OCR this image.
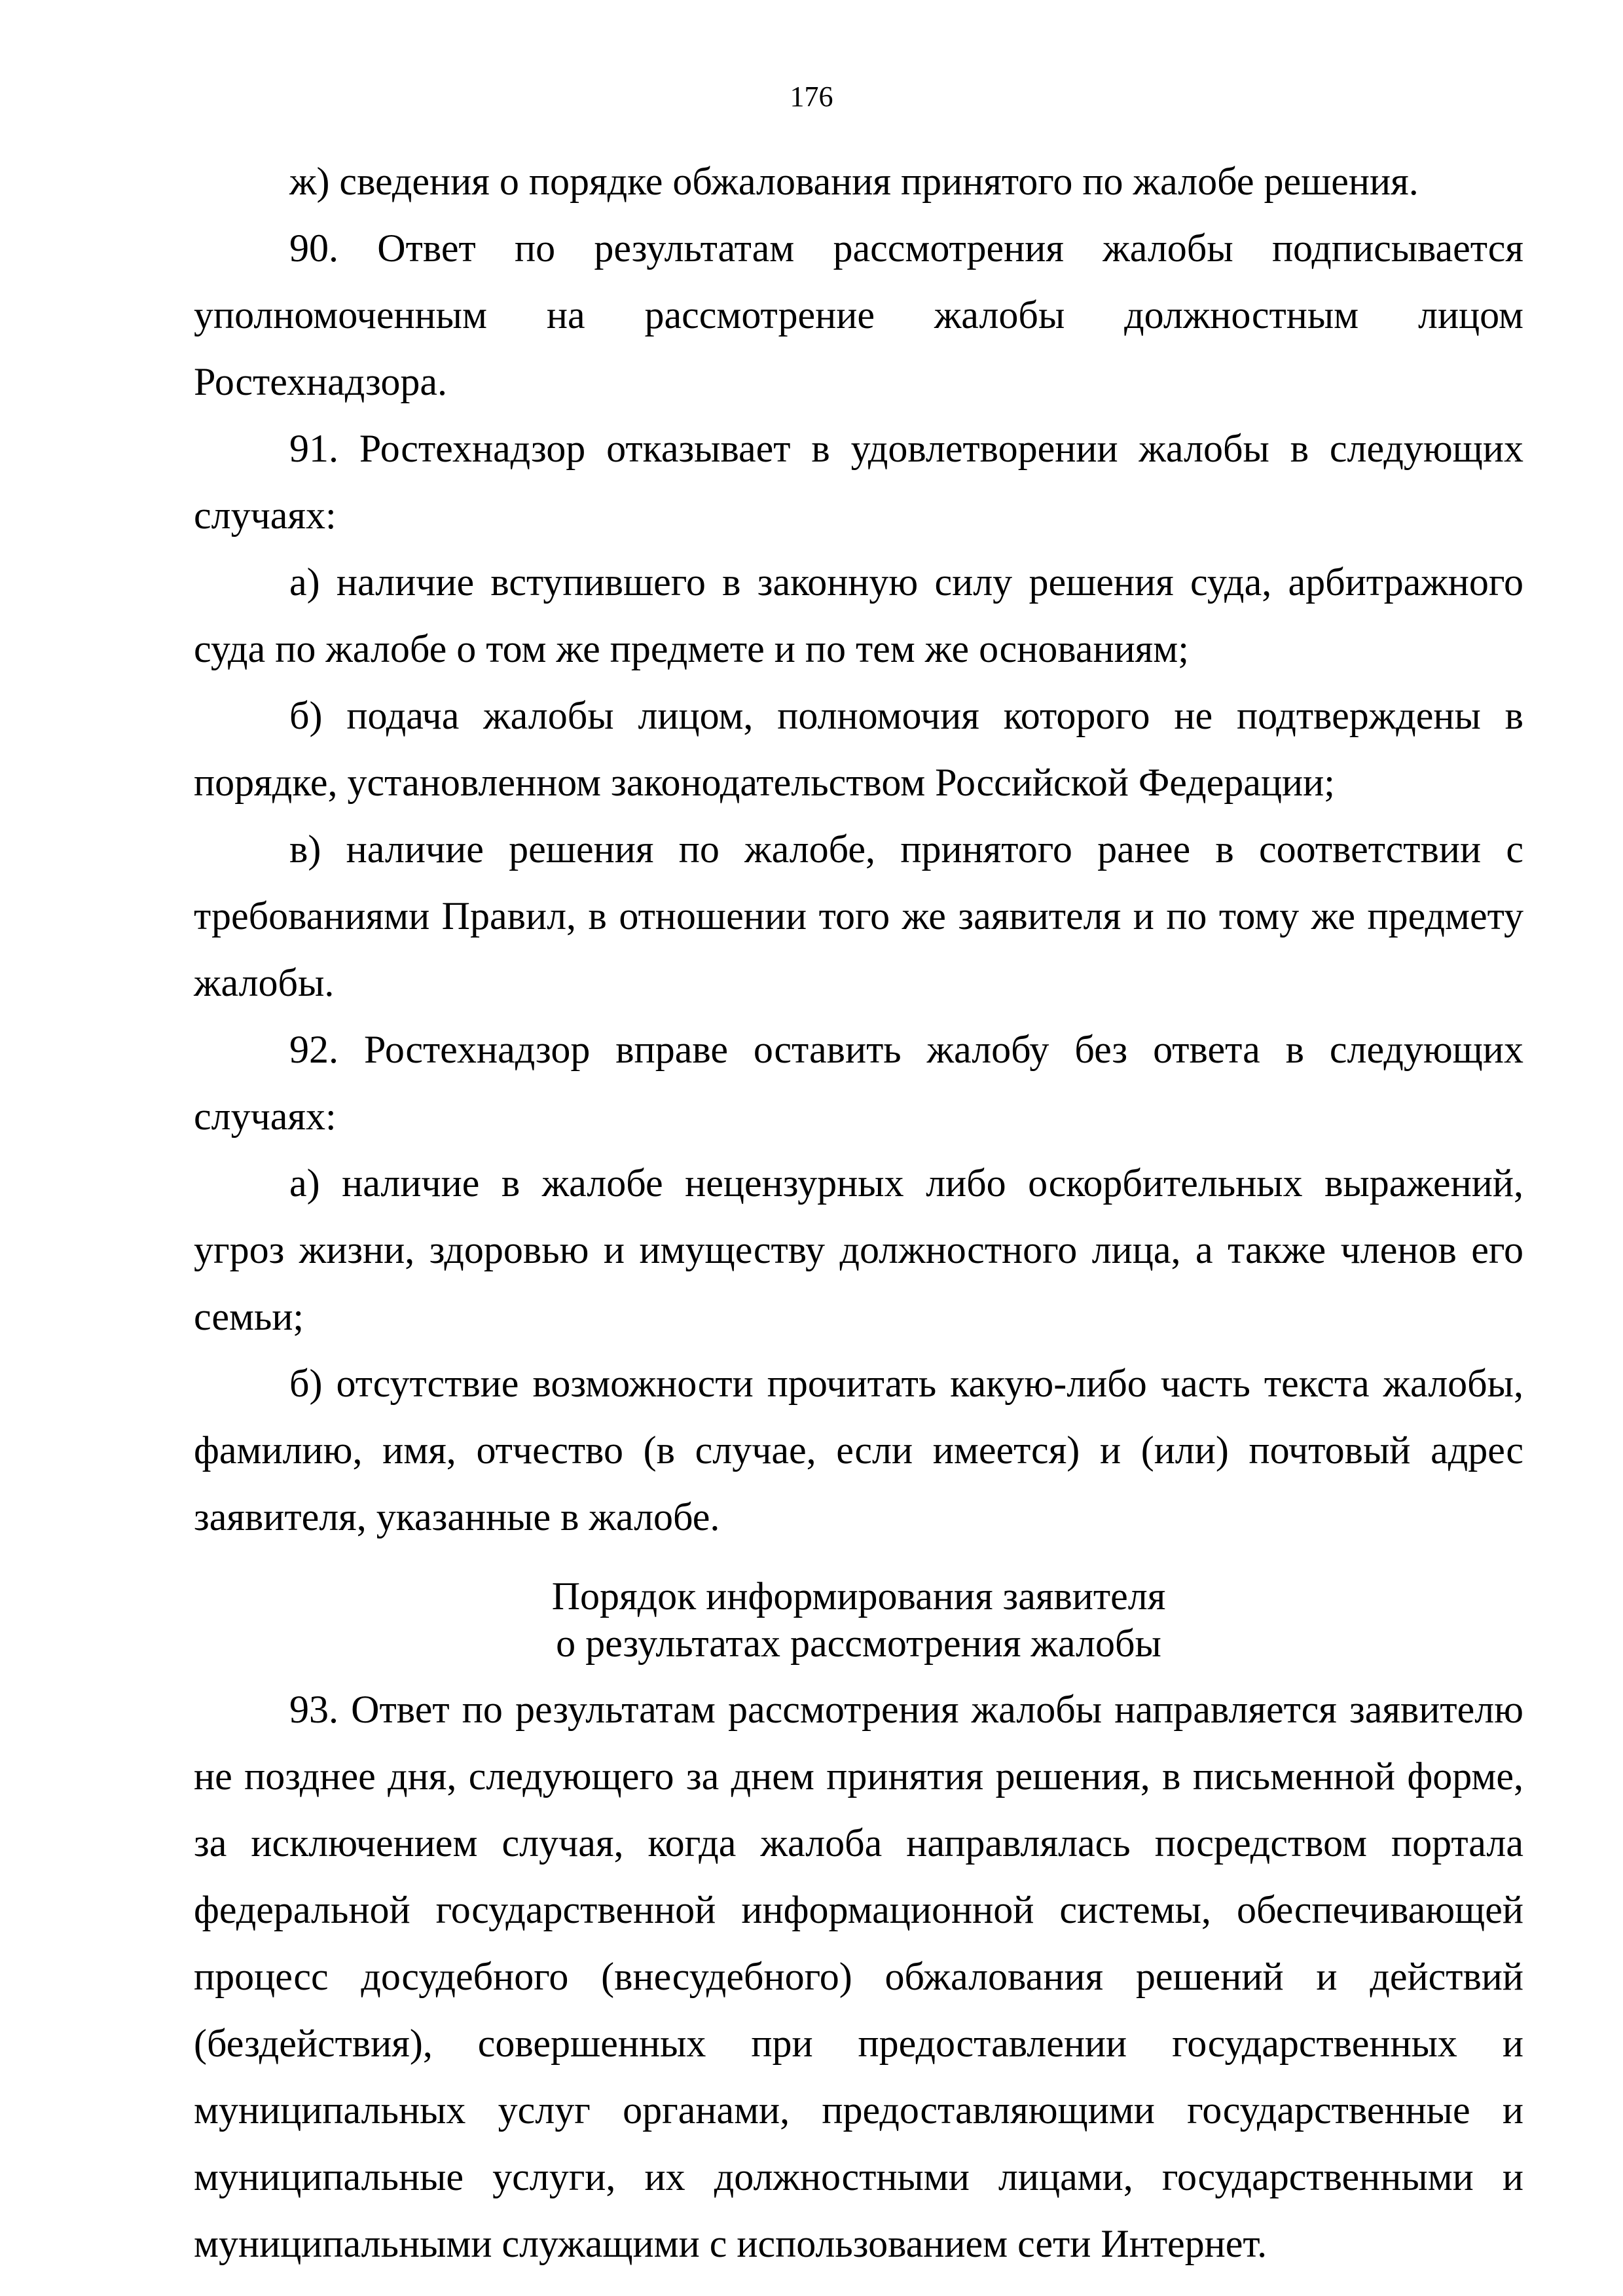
176

ж) сведения о порядке обжалования принятого по жалобе решения.

90. Ответ по результатам рассмотрения жалобы подписывается уполномоченным на рассмотрение жалобы должностным лицом Ростехнадзора.

91. Ростехнадзор отказывает в удовлетворении жалобы в следующих случаях:

а) наличие вступившего в законную силу решения суда, арбитражного суда по жалобе о том же предмете и по тем же основаниям;

б) подача жалобы лицом, полномочия которого не подтверждены в порядке, установленном законодательством Российской Федерации;

в) наличие решения по жалобе, принятого ранее в соответствии с требованиями Правил, в отношении того же заявителя и по тому же предмету жалобы.

92. Ростехнадзор вправе оставить жалобу без ответа в следующих случаях:

а) наличие в жалобе нецензурных либо оскорбительных выражений, угроз жизни, здоровью и имуществу должностного лица, а также членов его семьи;

б) отсутствие возможности прочитать какую-либо часть текста жалобы, фамилию, имя, отчество (в случае, если имеется) и (или) почтовый адрес заявителя, указанные в жалобе.

Порядок информирования заявителя
о результатах рассмотрения жалобы

93. Ответ по результатам рассмотрения жалобы направляется заявителю не позднее дня, следующего за днем принятия решения, в письменной форме, за исключением случая, когда жалоба направлялась посредством портала федеральной государственной информационной системы, обеспечивающей процесс досудебного (внесудебного) обжалования решений и действий (бездействия), совершенных при предоставлении государственных и муниципальных услуг органами, предоставляющими государственные и муниципальные услуги, их должностными лицами, государственными и муниципальными служащими с использованием сети Интернет.
